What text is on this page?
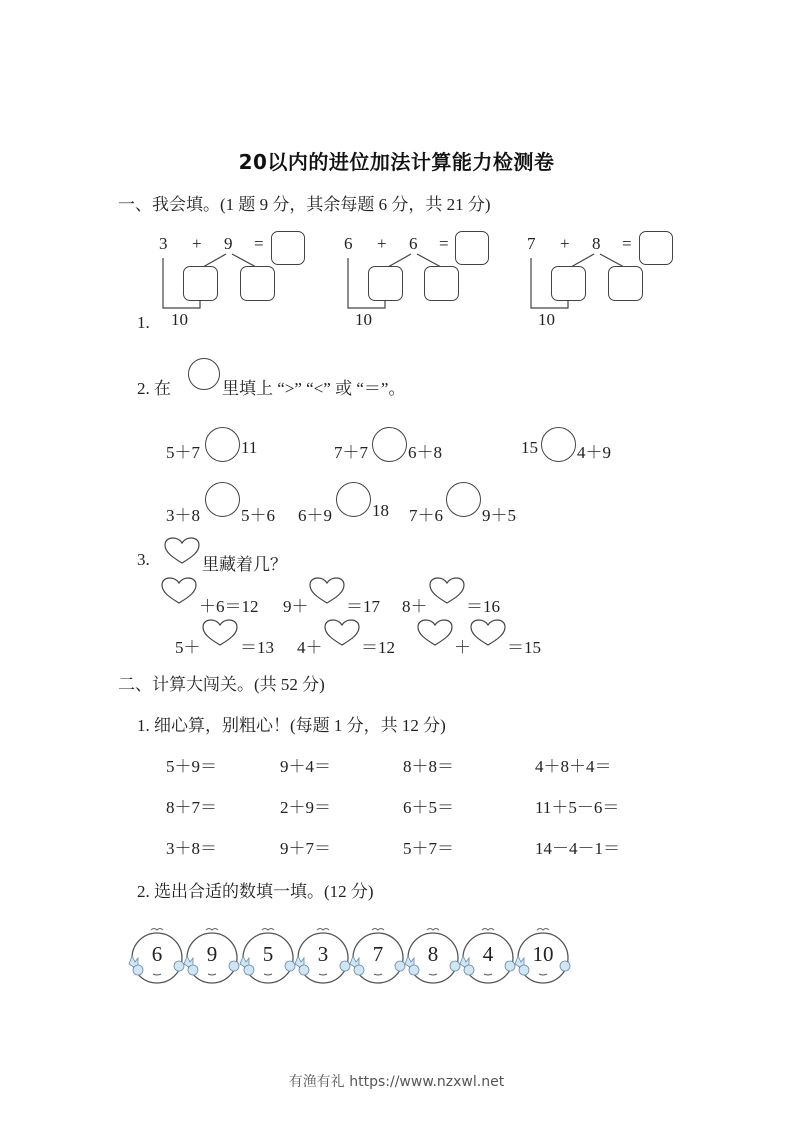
20以内的进位加法计算能力检测卷
一、我会填。(1 题 9 分，其余每题 6 分，共 21 分)
1.
3 + 9 =
10
6 + 6 =
10
7 + 8 =
10
2. 在	里填上 “>” “<” 或 “＝”。
5＋7 11	7＋7 6＋8	15 4＋9
3＋8 5＋6 6＋9 18 7＋6 9＋5
3.	里藏着几？
＋6＝12 9＋ ＝17 8＋ ＝16
5＋ ＝13 4＋ ＝12	＋ ＝15
二、计算大闯关。(共 52 分)
1. 细心算，别粗心！(每题 1 分，共 12 分)
5＋9＝	9＋4＝	8＋8＝	4＋8＋4＝
8＋7＝	2＋9＝	6＋5＝	11＋5－6＝
3＋8＝	9＋7＝	5＋7＝	14－4－1＝
2. 选出合适的数填一填。(12 分)
6	9	5	3	7	8	4	10
有渔有礼 https://www.nzxwl.net
